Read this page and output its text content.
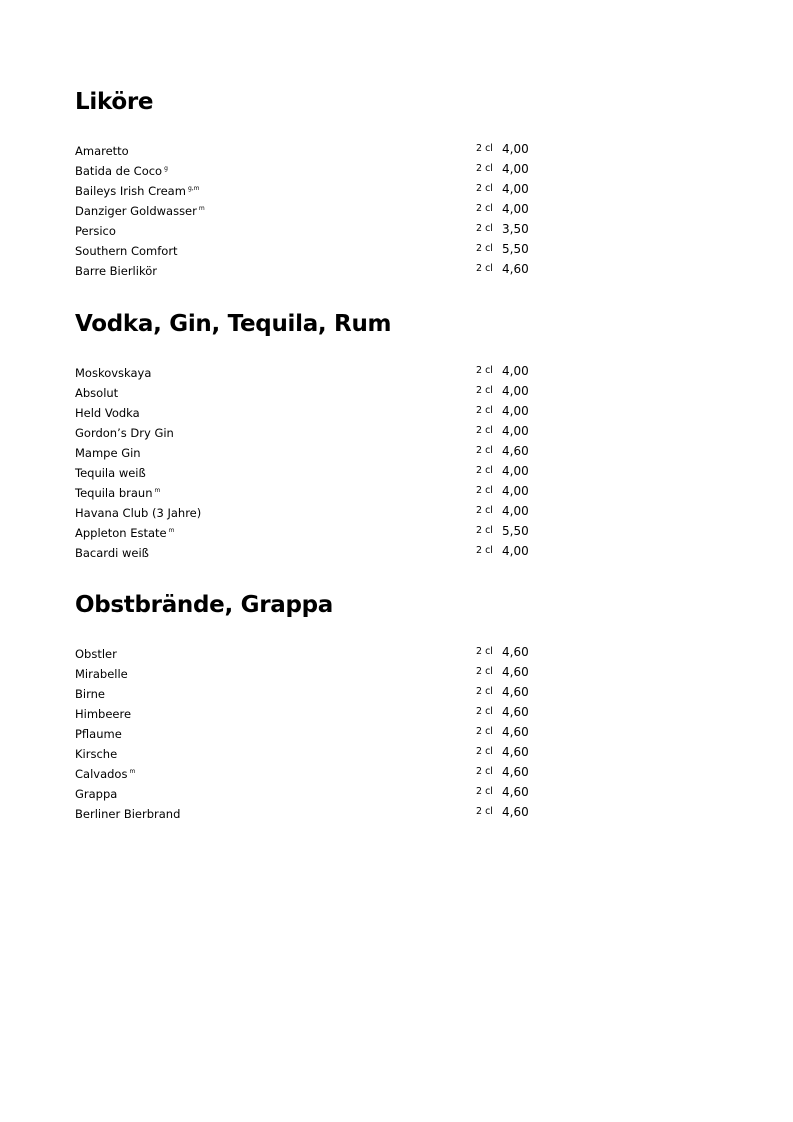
Liköre
Amaretto	2 cl 4,00
Batida de Coco $^g$	2 cl 4,00
Baileys Irish Cream $^{g,m}$	2 cl 4,00
Danziger Goldwasser $^m$	2 cl 4,00
Persico	2 cl 3,50
Southern Comfort	2 cl 5,50
Barre Bierlikör	2 cl 4,60
Vodka, Gin, Tequila, Rum
Moskovskaya	2 cl 4,00
Absolut	2 cl 4,00
Held Vodka	2 cl 4,00
Gordon’s Dry Gin	2 cl 4,00
Mampe Gin	2 cl 4,60
Tequila weiß	2 cl 4,00
Tequila braun $^m$	2 cl 4,00
Havana Club (3 Jahre)	2 cl 4,00
Appleton Estate $^m$	2 cl 5,50
Bacardi weiß	2 cl 4,00
Obstbrände, Grappa
Obstler	2 cl 4,60
Mirabelle	2 cl 4,60
Birne	2 cl 4,60
Himbeere	2 cl 4,60
Pflaume	2 cl 4,60
Kirsche	2 cl 4,60
Calvados $^m$	2 cl 4,60
Grappa	2 cl 4,60
Berliner Bierbrand	2 cl 4,60
